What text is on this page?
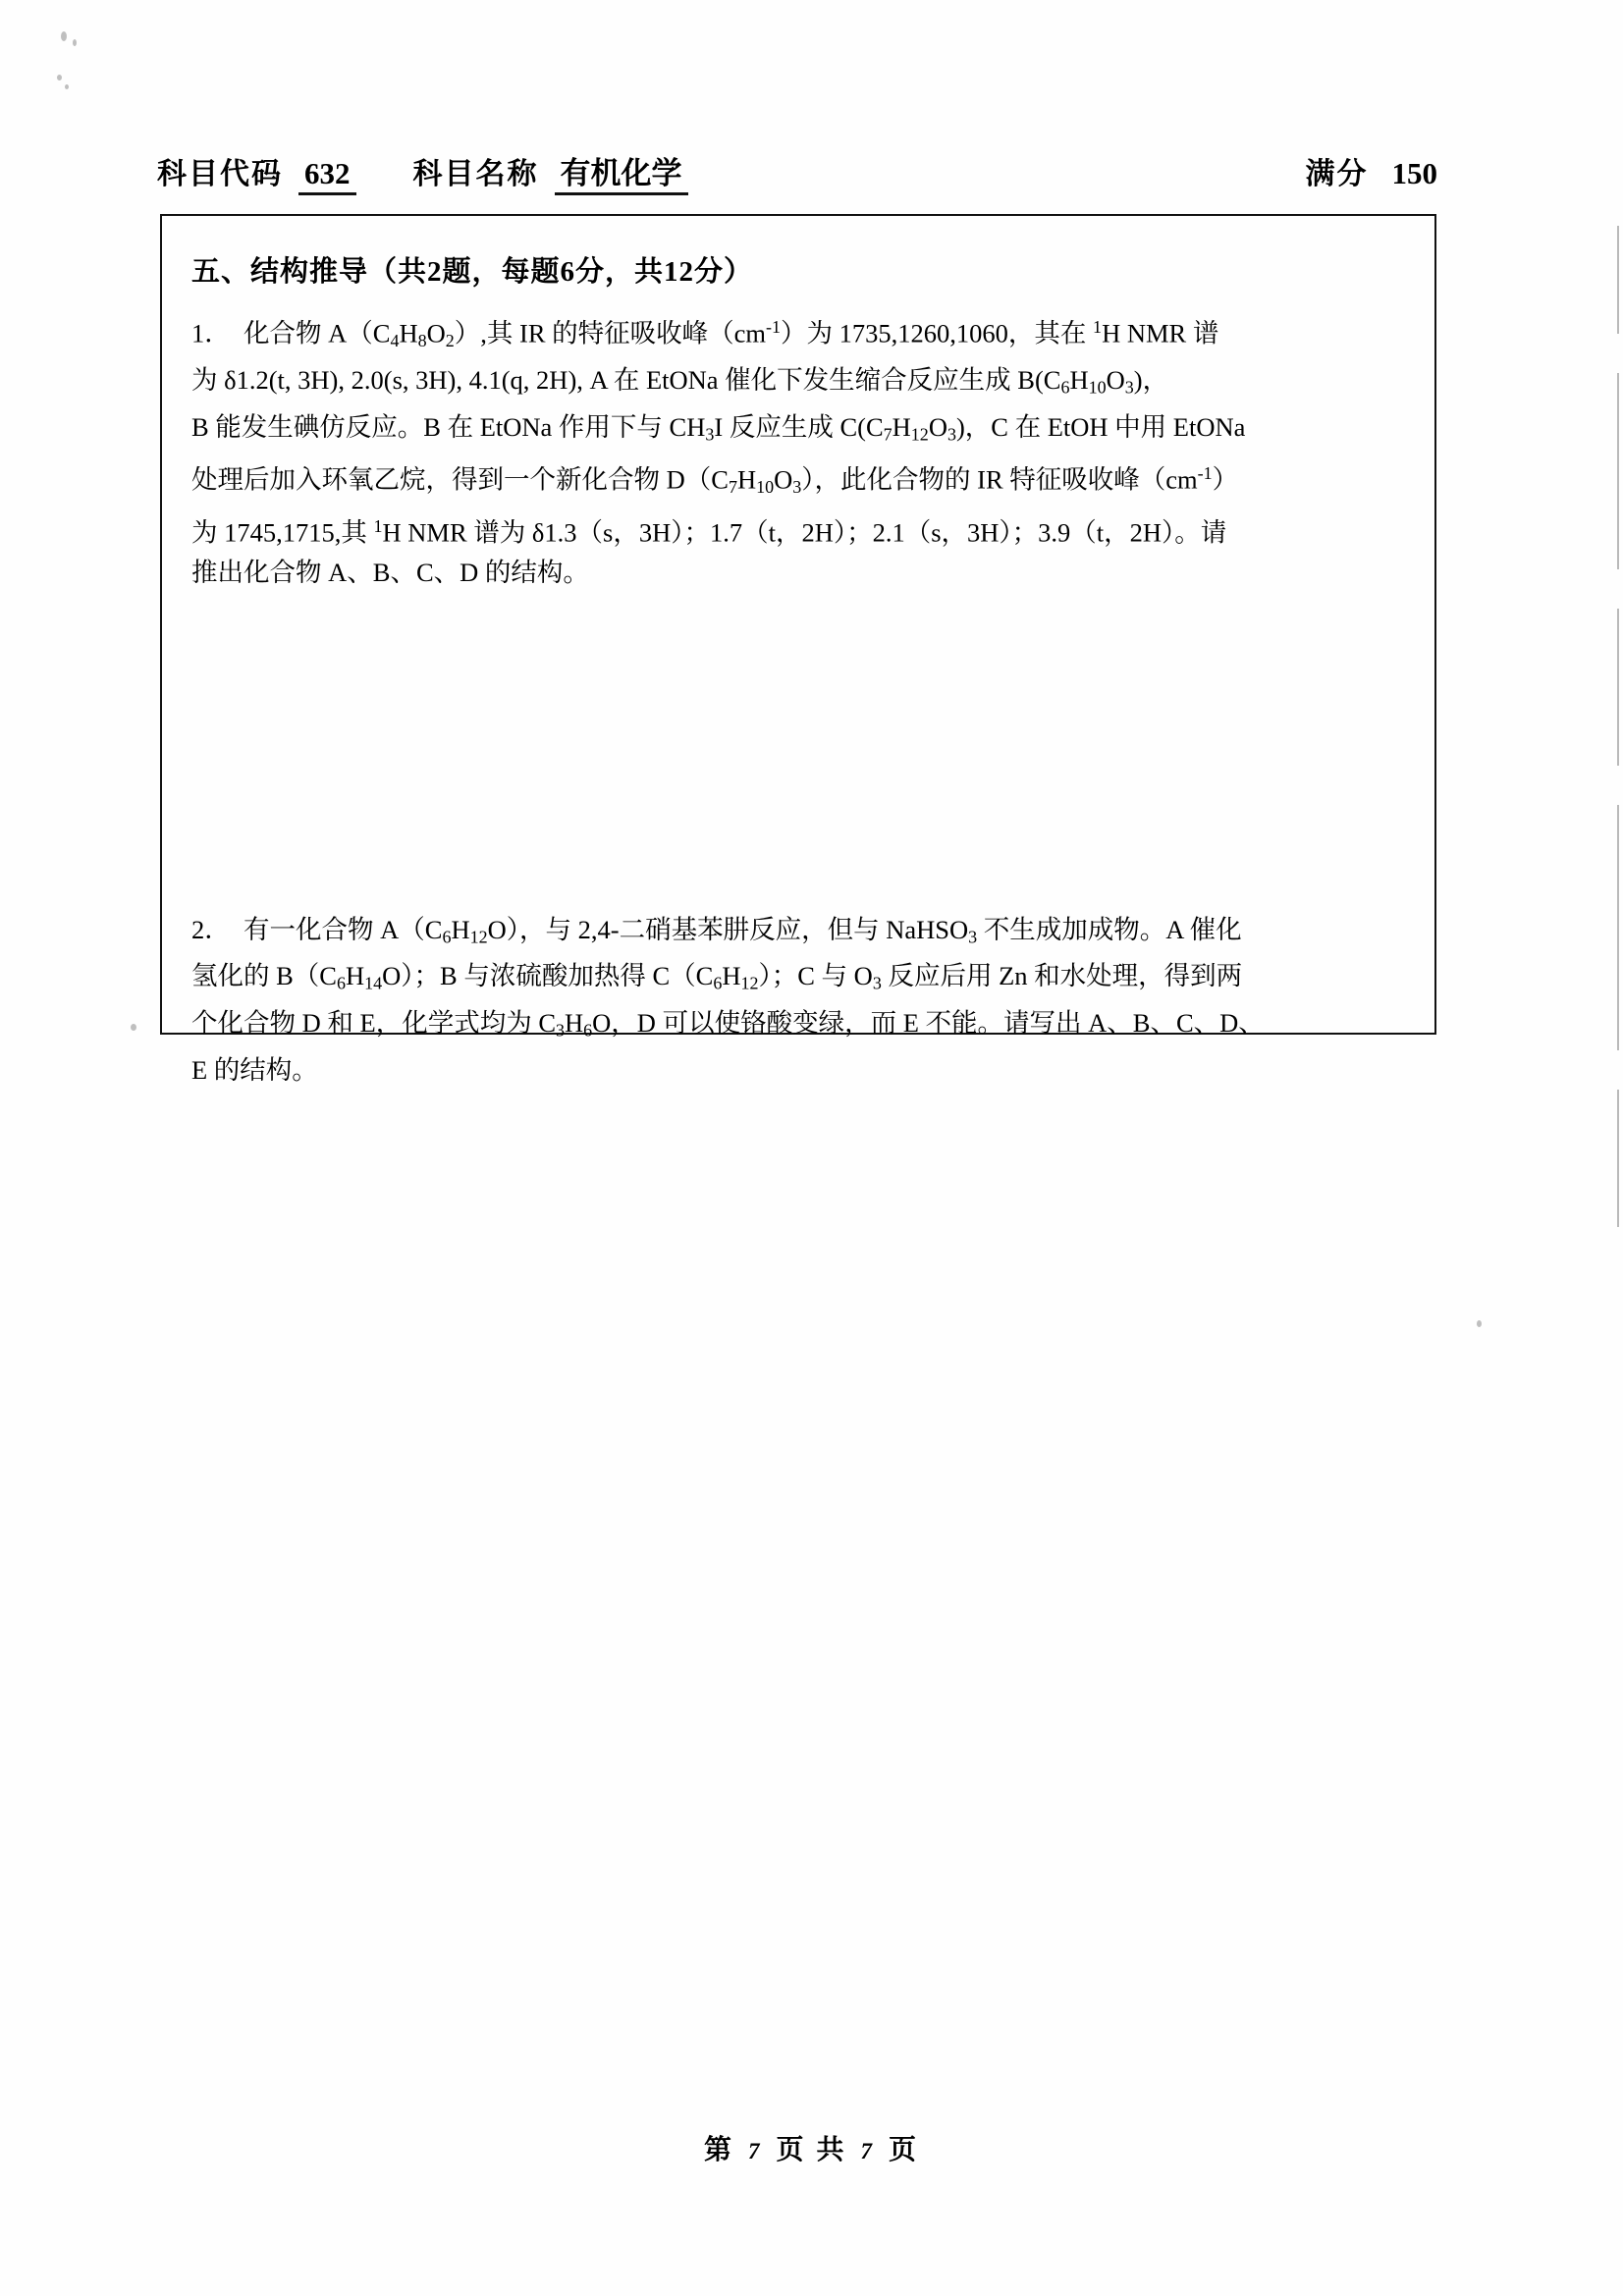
科目代码 632 科目名称 有机化学	满分 150
五、结构推导（共2题，每题6分，共12分）
1．  化合物 $A(C_4H_8O_2)$,其 IR 的特征吸收峰$(cm^{-1})$为 1735,1260,1060，其在 $^1$H NMR 谱
为 δ1.2(t, 3H), 2.0(s, 3H), 4.1(q, 2H), A 在 EtONa 催化下发生缩合反应生成 $B(C_6H_{10}O_3)$，
B 能发生碘仿反应。B 在 EtONa 作用下与 $CH_3I$ 反应生成 $C(C_7H_{12}O_3)$，C 在 EtOH 中用 EtONa
处理后加入环氧乙烷，得到一个新化合物 $D(C_7H_{10}O_3)$，此化合物的 IR 特征吸收峰$(cm^{-1})$
为 1745,1715,其 $^1$H NMR 谱为 δ1.3（s，3H）；1.7（t，2H）；2.1（s，3H）；3.9（t，2H）。请
推出化合物 A、B、C、D 的结构。
2．  有一化合物 $A(C_6H_{12}O)$，与 2,4-二硝基苯肼反应，但与 NaHSO$_3$ 不生成加成物。A 催化
氢化的 $B(C_6H_{14}O)$；B 与浓硫酸加热得 $C(C_6H_{12})$；C 与 $O_3$ 反应后用 Zn 和水处理，得到两
个化合物 D 和 E，化学式均为 $C_3H_6O$，D 可以使铬酸变绿，而 E 不能。请写出 A、B、C、D、
E 的结构。
第 7 页 共 7 页
